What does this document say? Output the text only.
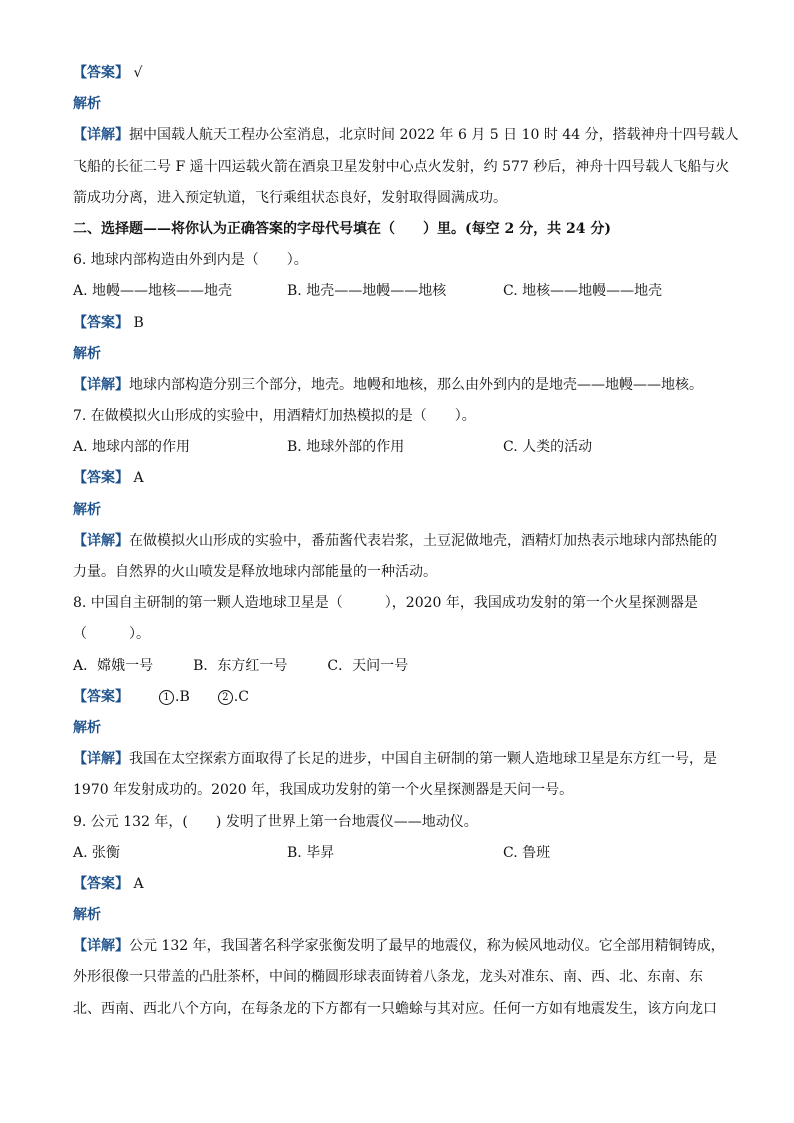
【答案】 √
解析
【详解】据中国载人航天工程办公室消息，北京时间 2022 年 6 月 5 日 10 时 44 分，搭载神舟十四号载人
飞船的长征二号 F 遥十四运载火箭在酒泉卫星发射中心点火发射，约 577 秒后，神舟十四号载人飞船与火
箭成功分离，进入预定轨道，飞行乘组状态良好，发射取得圆满成功。
二、选择题——将你认为正确答案的字母代号填在（　　）里。(每空 2 分，共 24 分)
6. 地球内部构造由外到内是（　　）。
A. 地幔——地核——地壳	B. 地壳——地幔——地核	C. 地核——地幔——地壳
【答案】 B
解析
【详解】地球内部构造分别三个部分，地壳。地幔和地核，那么由外到内的是地壳——地幔——地核。
7. 在做模拟火山形成的实验中，用酒精灯加热模拟的是（　　）。
A. 地球内部的作用	B. 地球外部的作用	C. 人类的活动
【答案】 A
解析
【详解】在做模拟火山形成的实验中，番茄酱代表岩浆，土豆泥做地壳，酒精灯加热表示地球内部热能的
力量。自然界的火山喷发是释放地球内部能量的一种活动。
8. 中国自主研制的第一颗人造地球卫星是（　　　），2020 年，我国成功发射的第一个火星探测器是
（　　　）。
A．嫦娥一号	B．东方红一号	C．天问一号
【答案】	1 .B	2 .C
解析
【详解】我国在太空探索方面取得了长足的进步，中国自主研制的第一颗人造地球卫星是东方红一号，是
1970 年发射成功的。2020 年，我国成功发射的第一个火星探测器是天问一号。
9. 公元 132 年，(　　) 发明了世界上第一台地震仪——地动仪。
A. 张衡	B. 毕昇	C. 鲁班
【答案】 A
解析
【详解】公元 132 年，我国著名科学家张衡发明了最早的地震仪，称为候风地动仪。它全部用精铜铸成，
外形很像一只带盖的凸肚茶杯，中间的椭圆形球表面铸着八条龙，龙头对准东、南、西、北、东南、东
北、西南、西北八个方向，在每条龙的下方都有一只蟾蜍与其对应。任何一方如有地震发生，该方向龙口
